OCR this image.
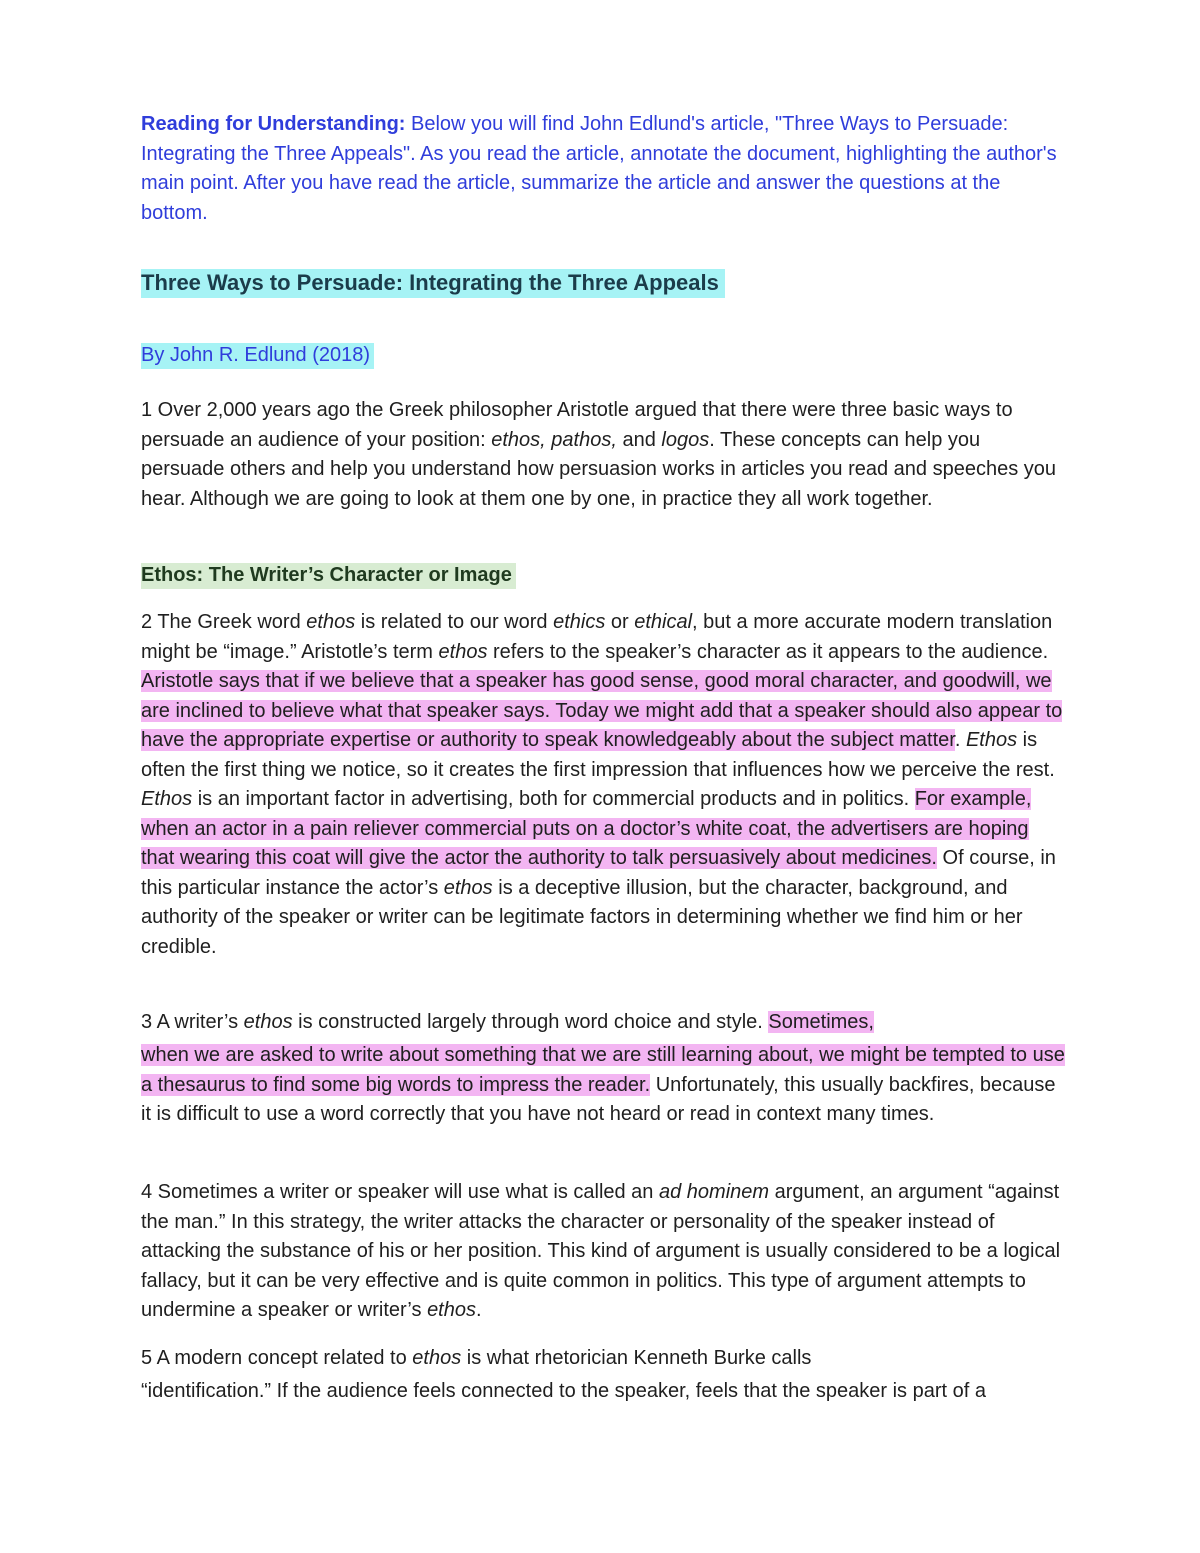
Reading for Understanding: Below you will find John Edlund's article, "Three Ways to Persuade: Integrating the Three Appeals". As you read the article, annotate the document, highlighting the author's main point. After you have read the article, summarize the article and answer the questions at the bottom.

Three Ways to Persuade: Integrating the Three Appeals
By John R. Edlund (2018)

1 Over 2,000 years ago the Greek philosopher Aristotle argued that there were three basic ways to persuade an audience of your position: ethos, pathos, and logos. These concepts can help you persuade others and help you understand how persuasion works in articles you read and speeches you hear. Although we are going to look at them one by one, in practice they all work together.

Ethos: The Writer’s Character or Image

2 The Greek word ethos is related to our word ethics or ethical, but a more accurate modern translation might be “image.” Aristotle’s term ethos refers to the speaker’s character as it appears to the audience. Aristotle says that if we believe that a speaker has good sense, good moral character, and goodwill, we are inclined to believe what that speaker says. Today we might add that a speaker should also appear to have the appropriate expertise or authority to speak knowledgeably about the subject matter. Ethos is often the first thing we notice, so it creates the first impression that influences how we perceive the rest. Ethos is an important factor in advertising, both for commercial products and in politics. For example, when an actor in a pain reliever commercial puts on a doctor’s white coat, the advertisers are hoping that wearing this coat will give the actor the authority to talk persuasively about medicines. Of course, in this particular instance the actor’s ethos is a deceptive illusion, but the character, background, and authority of the speaker or writer can be legitimate factors in determining whether we find him or her credible.

3 A writer’s ethos is constructed largely through word choice and style. Sometimes,

when we are asked to write about something that we are still learning about, we might be tempted to use a thesaurus to find some big words to impress the reader. Unfortunately, this usually backfires, because it is difficult to use a word correctly that you have not heard or read in context many times.

4 Sometimes a writer or speaker will use what is called an ad hominem argument, an argument “against the man.” In this strategy, the writer attacks the character or personality of the speaker instead of attacking the substance of his or her position. This kind of argument is usually considered to be a logical fallacy, but it can be very effective and is quite common in politics. This type of argument attempts to undermine a speaker or writer’s ethos.

5 A modern concept related to ethos is what rhetorician Kenneth Burke calls

“identification.” If the audience feels connected to the speaker, feels that the speaker is part of a
